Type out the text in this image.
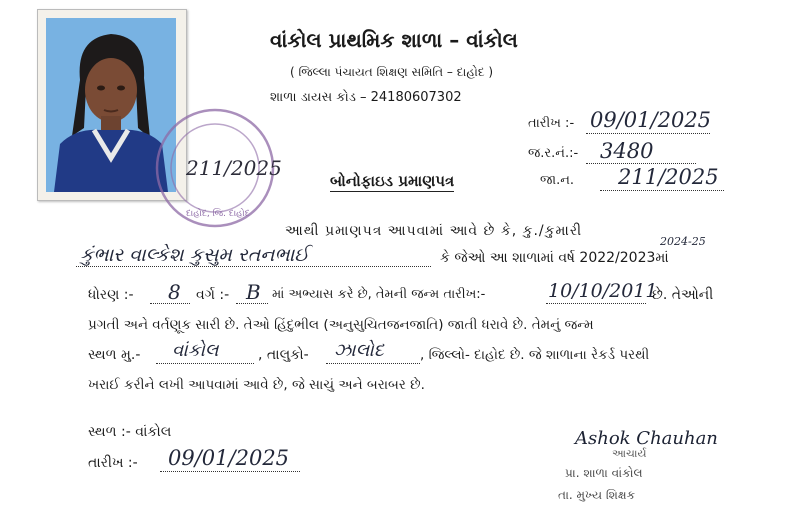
દાહોદ, જિ. દાહોદ
211/2025
વાંકોલ પ્રાથમિક શાળા – વાંકોલ
( જિલ્લા પંચાયત શિક્ષણ સમિતિ – દાહોદ )
શાળા ડાયસ કોડ – 24180607302
તારીખ :- 09/01/2025
જ.ર.નં.:- 3480
જા.ન. 211/2025
બોનોફાઇડ પ્રમાણપત્ર
આથી પ્રમાણપત્ર આપવામાં આવે છે કે, કુ./કુમારી
કુંભાર વાલ્કેશ કુસુમ રતનભાઈ	કે જેઓ આ શાળામાં વર્ષ 2022/2023માં
2024-25
ધોરણ :- 8 વર્ગ :- B માં અભ્યાસ કરે છે, તેમની જન્મ તારીખ:-	10/10/2011
છે. તેઓની
પ્રગતી અને વર્તણૂક સારી છે. તેઓ હિંદુભીલ (અનુસુચિતજનજાતિ) જાતી ધરાવે છે. તેમનું જન્મ
સ્થળ મુ.- વાંકોલ	, તાલુકો- ઝાલોદ	, જિલ્લો- દાહોદ છે. જે શાળાના રેકર્ડ પરથી
ખરાઈ કરીને લખી આપવામાં આવે છે, જે સાચું અને બરાબર છે.
સ્થળ :- વાંકોલ
તારીખ :- 09/01/2025
Ashok Chauhan
આચાર્ય
પ્રા. શાળા વાંકોલ
તા. મુખ્ય શિક્ષક
